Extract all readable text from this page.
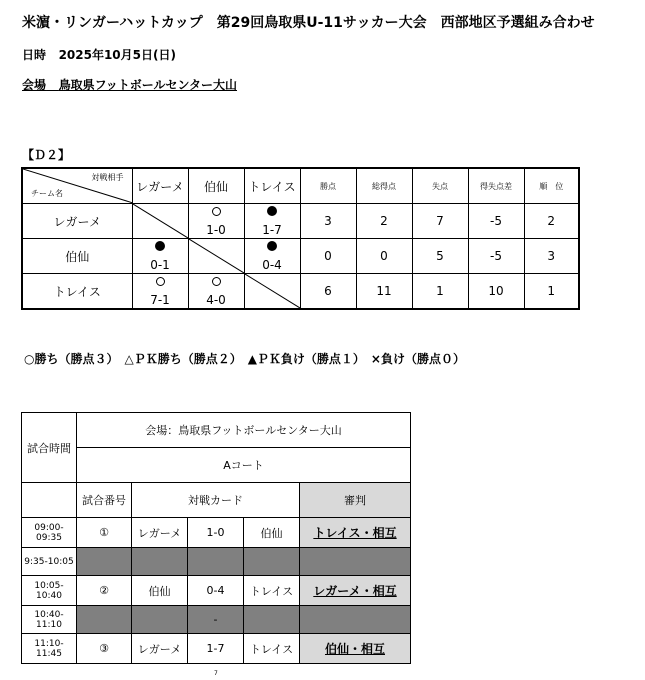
米濵・リンガーハットカップ　第29回鳥取県U-11サッカー大会　西部地区予選組み合わせ
日時 2025年10月5日(日)
会場 鳥取県フットボールセンター大山
【Ｄ２】
対戦相手
チーム名	レガーメ	伯仙	トレイス	勝点	総得点	失点	得失点差	順　位
レガーメ		1-0	1-7	3	2	7	-5	2
伯仙	0-1		0-4	0	0	5	-5	3
トレイス	7-1	4-0		6	11	1	10	1
○勝ち（勝点３）　△ＰＫ勝ち（勝点２）　▲ＰＫ負け（勝点１）　×負け（勝点０）
試合時間	会場：鳥取県フットボールセンター大山				
	Aコート				
	試合番号	対戦カード			審判
09:00-09:35	①	レガーメ	1-0	伯仙	トレイス・相互
9:35-10:05					
10:05-10:40	②	伯仙	0-4	トレイス	レガーメ・相互
10:40-11:10			-		
11:10-11:45	③	レガーメ	1-7	トレイス	伯仙・相互
7
